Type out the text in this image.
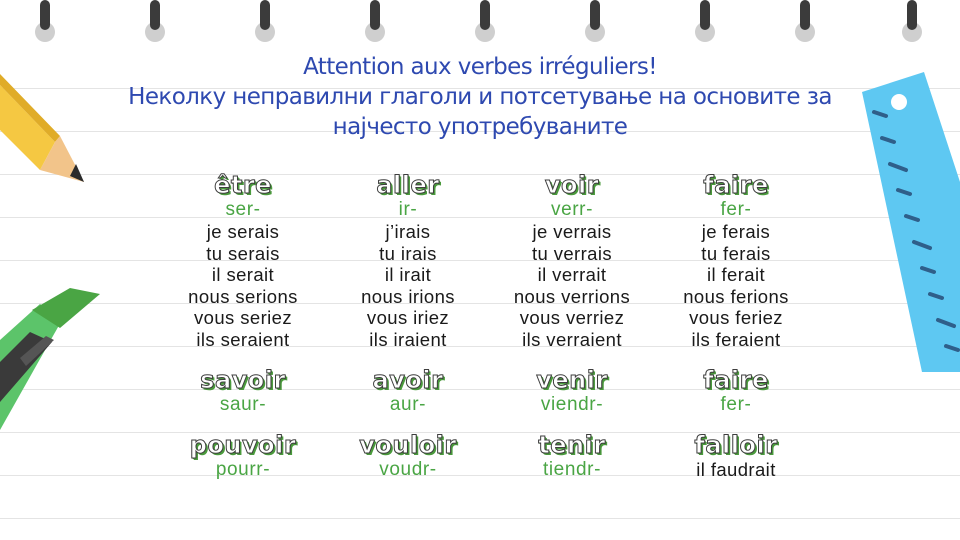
Attention aux verbes irréguliers!
Неколку неправилни глаголи и потсетување на основите за
најчесто употребуваните
être
ser-
je serais
tu serais
il serait
nous serions
vous seriez
ils seraient
aller
ir-
j’irais
tu irais
il irait
nous irions
vous iriez
ils iraient
voir
verr-
je verrais
tu verrais
il verrait
nous verrions
vous verriez
ils verraient
faire
fer-
je ferais
tu ferais
il ferait
nous ferions
vous feriez
ils feraient
savoir
saur-
avoir
aur-
venir
viendr-
faire
fer-
pouvoir
pourr-
vouloir
voudr-
tenir
tiendr-
falloir
il faudrait
